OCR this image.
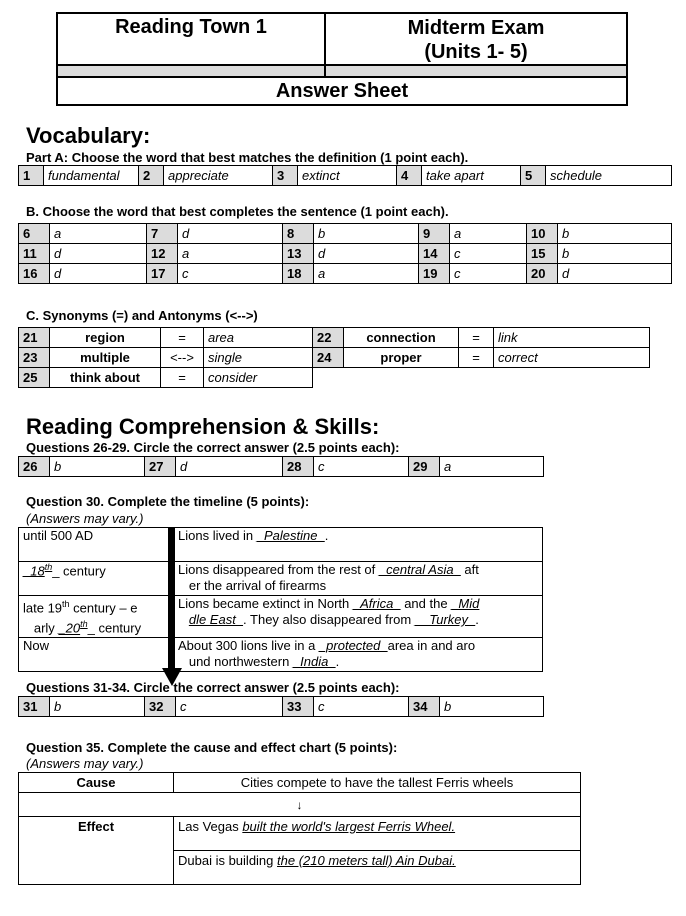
Reading Town 1	Midterm Exam
(Units 1- 5)

Answer Sheet	
Vocabulary:
Part A: Choose the word that best matches the definition (1 point each).
1	fundamental	2	appreciate	3	extinct	4	take apart	5	schedule
B. Choose the word that best completes the sentence (1 point each).
6	a	7	d	8	b	9	a	10	b
11	d	12	a	13	d	14	c	15	b
16	d	17	c	18	a	19	c	20	d
C. Synonyms (=) and Antonyms (<-->)
21	region	=	area	22	connection	=	link
23	multiple	<-->	single	24	proper	=	correct
25	think about	=	consider				
Reading Comprehension & Skills:
Questions 26-29. Circle the correct answer (2.5 points each):
26	b	27	d	28	c	29	a
Question 30. Complete the timeline (5 points):
(Answers may vary.)
until 500 AD	Lions lived in _Palestine_.
_18th_ century	Lions disappeared from the rest of _central Asia_ aft
er the arrival of firearms
late 19th century – e
arly _20th_ century	Lions became extinct in North _Africa_ and the _Mid
dle East_. They also disappeared from __Turkey_.
Now	About 300 lions live in a _protected_area in and aro
und northwestern _India_.
Questions 31-34. Circle the correct answer (2.5 points each):
31	b	32	c	33	c	34	b
Question 35. Complete the cause and effect chart (5 points):
(Answers may vary.)
Cause	Cities compete to have the tallest Ferris wheels
↓	
Effect	Las Vegas built the world's largest Ferris Wheel.
	Dubai is building the (210 meters tall) Ain Dubai.
